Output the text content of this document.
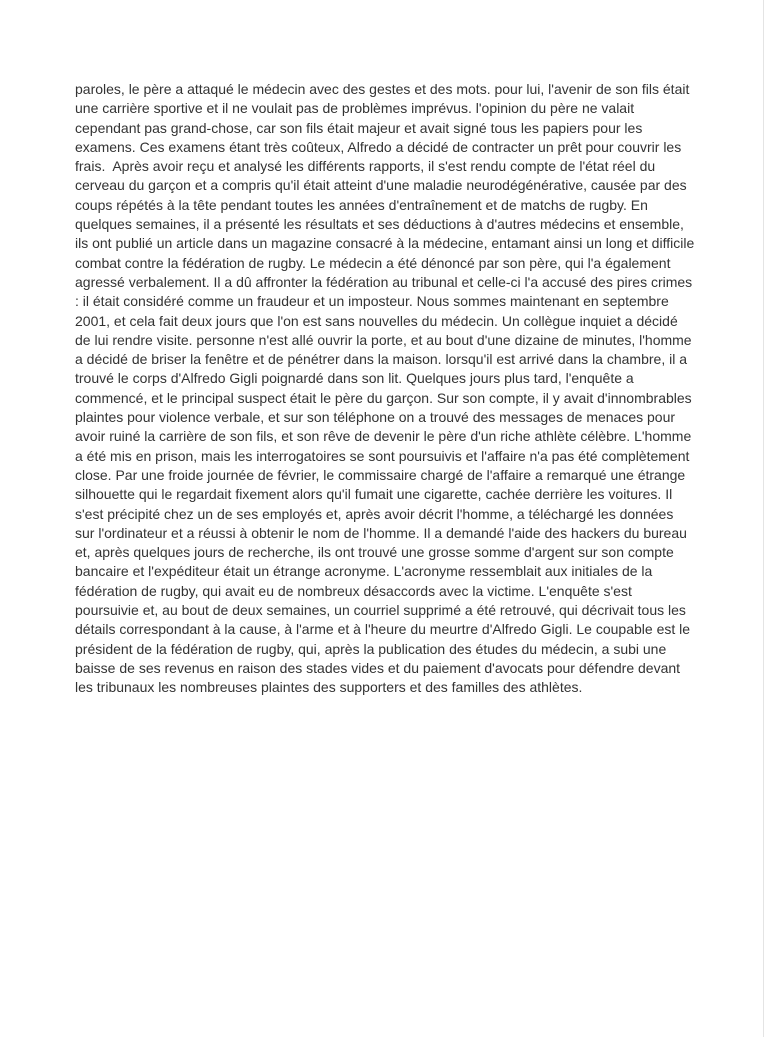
paroles, le père a attaqué le médecin avec des gestes et des mots. pour lui, l'avenir de son fils était une carrière sportive et il ne voulait pas de problèmes imprévus. l'opinion du père ne valait cependant pas grand-chose, car son fils était majeur et avait signé tous les papiers pour les examens. Ces examens étant très coûteux, Alfredo a décidé de contracter un prêt pour couvrir les frais.  Après avoir reçu et analysé les différents rapports, il s'est rendu compte de l'état réel du cerveau du garçon et a compris qu'il était atteint d'une maladie neurodégénérative, causée par des coups répétés à la tête pendant toutes les années d'entraînement et de matchs de rugby. En quelques semaines, il a présenté les résultats et ses déductions à d'autres médecins et ensemble, ils ont publié un article dans un magazine consacré à la médecine, entamant ainsi un long et difficile combat contre la fédération de rugby. Le médecin a été dénoncé par son père, qui l'a également agressé verbalement. Il a dû affronter la fédération au tribunal et celle-ci l'a accusé des pires crimes : il était considéré comme un fraudeur et un imposteur. Nous sommes maintenant en septembre 2001, et cela fait deux jours que l'on est sans nouvelles du médecin. Un collègue inquiet a décidé de lui rendre visite. personne n'est allé ouvrir la porte, et au bout d'une dizaine de minutes, l'homme a décidé de briser la fenêtre et de pénétrer dans la maison. lorsqu'il est arrivé dans la chambre, il a trouvé le corps d'Alfredo Gigli poignardé dans son lit. Quelques jours plus tard, l'enquête a commencé, et le principal suspect était le père du garçon. Sur son compte, il y avait d'innombrables plaintes pour violence verbale, et sur son téléphone on a trouvé des messages de menaces pour avoir ruiné la carrière de son fils, et son rêve de devenir le père d'un riche athlète célèbre. L'homme a été mis en prison, mais les interrogatoires se sont poursuivis et l'affaire n'a pas été complètement close. Par une froide journée de février, le commissaire chargé de l'affaire a remarqué une étrange silhouette qui le regardait fixement alors qu'il fumait une cigarette, cachée derrière les voitures. Il s'est précipité chez un de ses employés et, après avoir décrit l'homme, a téléchargé les données sur l'ordinateur et a réussi à obtenir le nom de l'homme. Il a demandé l'aide des hackers du bureau et, après quelques jours de recherche, ils ont trouvé une grosse somme d'argent sur son compte bancaire et l'expéditeur était un étrange acronyme. L'acronyme ressemblait aux initiales de la fédération de rugby, qui avait eu de nombreux désaccords avec la victime. L'enquête s'est poursuivie et, au bout de deux semaines, un courriel supprimé a été retrouvé, qui décrivait tous les détails correspondant à la cause, à l'arme et à l'heure du meurtre d'Alfredo Gigli. Le coupable est le président de la fédération de rugby, qui, après la publication des études du médecin, a subi une baisse de ses revenus en raison des stades vides et du paiement d'avocats pour défendre devant les tribunaux les nombreuses plaintes des supporters et des familles des athlètes.
